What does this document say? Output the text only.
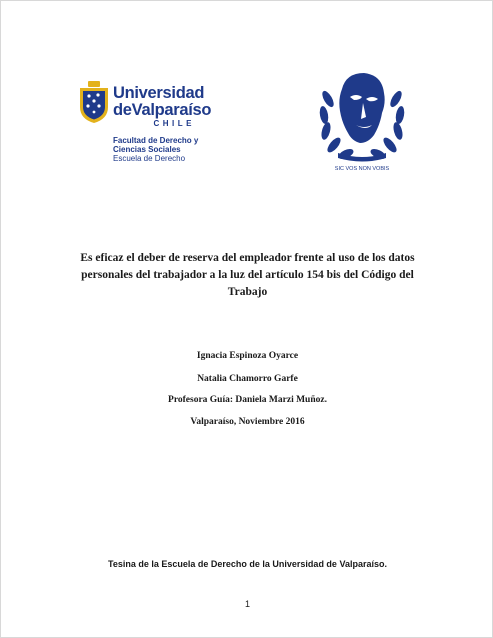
Universidad
deValparaíso
CHILE
Facultad de Derecho y
Ciencias Sociales
Escuela de Derecho
SIC VOS NON VOBIS
Es eficaz el deber de reserva del empleador frente al uso de los datos personales del trabajador a la luz del artículo 154 bis del Código del Trabajo
Ignacia Espinoza Oyarce
Natalia Chamorro Garfe
Profesora Guía: Daniela Marzi Muñoz.
Valparaíso, Noviembre 2016
Tesina de la Escuela de Derecho de la Universidad de Valparaíso.
1
